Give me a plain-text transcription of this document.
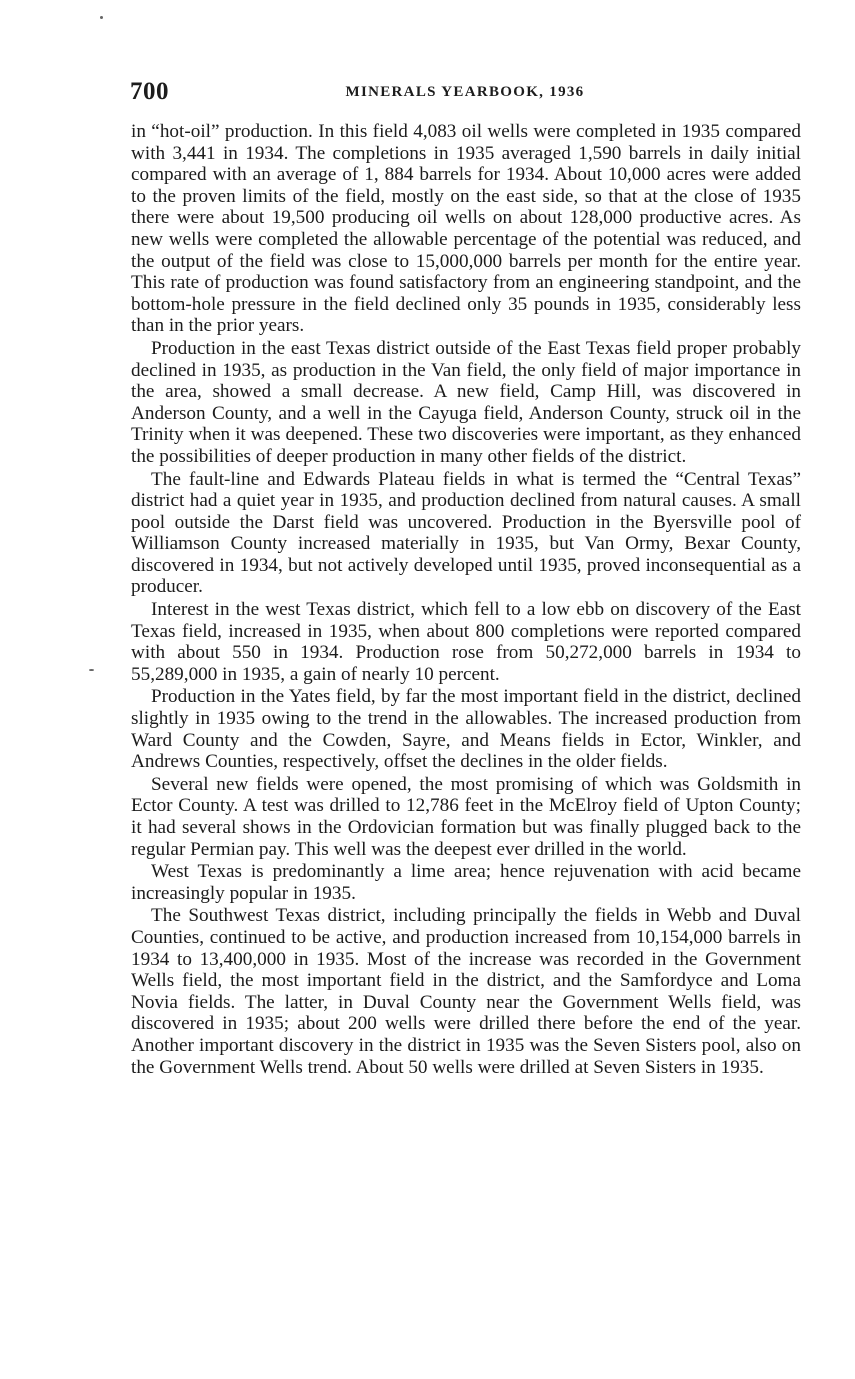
700	MINERALS YEARBOOK, 1936

in “hot-oil” production. In this field 4,083 oil wells were completed in 1935 compared with 3,441 in 1934. The completions in 1935 averaged 1,590 barrels in daily initial compared with an average of 1, 884 barrels for 1934. About 10,000 acres were added to the proven limits of the field, mostly on the east side, so that at the close of 1935 there were about 19,500 producing oil wells on about 128,000 productive acres. As new wells were completed the allowable percentage of the potential was reduced, and the output of the field was close to 15,000,000 barrels per month for the entire year. This rate of production was found satisfactory from an engineering standpoint, and the bottom-hole pressure in the field declined only 35 pounds in 1935, considerably less than in the prior years.

Production in the east Texas district outside of the East Texas field proper probably declined in 1935, as production in the Van field, the only field of major importance in the area, showed a small decrease. A new field, Camp Hill, was discovered in Anderson County, and a well in the Cayuga field, Anderson County, struck oil in the Trinity when it was deepened. These two discoveries were important, as they enhanced the possibilities of deeper production in many other fields of the district.

The fault-line and Edwards Plateau fields in what is termed the “Central Texas” district had a quiet year in 1935, and production declined from natural causes. A small pool outside the Darst field was uncovered. Production in the Byersville pool of Williamson County increased materially in 1935, but Van Ormy, Bexar County, discovered in 1934, but not actively developed until 1935, proved inconsequential as a producer.

Interest in the west Texas district, which fell to a low ebb on discovery of the East Texas field, increased in 1935, when about 800 completions were reported compared with about 550 in 1934. Production rose from 50,272,000 barrels in 1934 to 55,289,000 in 1935, a gain of nearly 10 percent.

Production in the Yates field, by far the most important field in the district, declined slightly in 1935 owing to the trend in the allowables. The increased production from Ward County and the Cowden, Sayre, and Means fields in Ector, Winkler, and Andrews Counties, respectively, offset the declines in the older fields.

Several new fields were opened, the most promising of which was Goldsmith in Ector County. A test was drilled to 12,786 feet in the McElroy field of Upton County; it had several shows in the Ordovician formation but was finally plugged back to the regular Permian pay. This well was the deepest ever drilled in the world.

West Texas is predominantly a lime area; hence rejuvenation with acid became increasingly popular in 1935.

The Southwest Texas district, including principally the fields in Webb and Duval Counties, continued to be active, and production increased from 10,154,000 barrels in 1934 to 13,400,000 in 1935. Most of the increase was recorded in the Government Wells field, the most important field in the district, and the Samfordyce and Loma Novia fields. The latter, in Duval County near the Government Wells field, was discovered in 1935; about 200 wells were drilled there before the end of the year. Another important discovery in the district in 1935 was the Seven Sisters pool, also on the Government Wells trend. About 50 wells were drilled at Seven Sisters in 1935.
